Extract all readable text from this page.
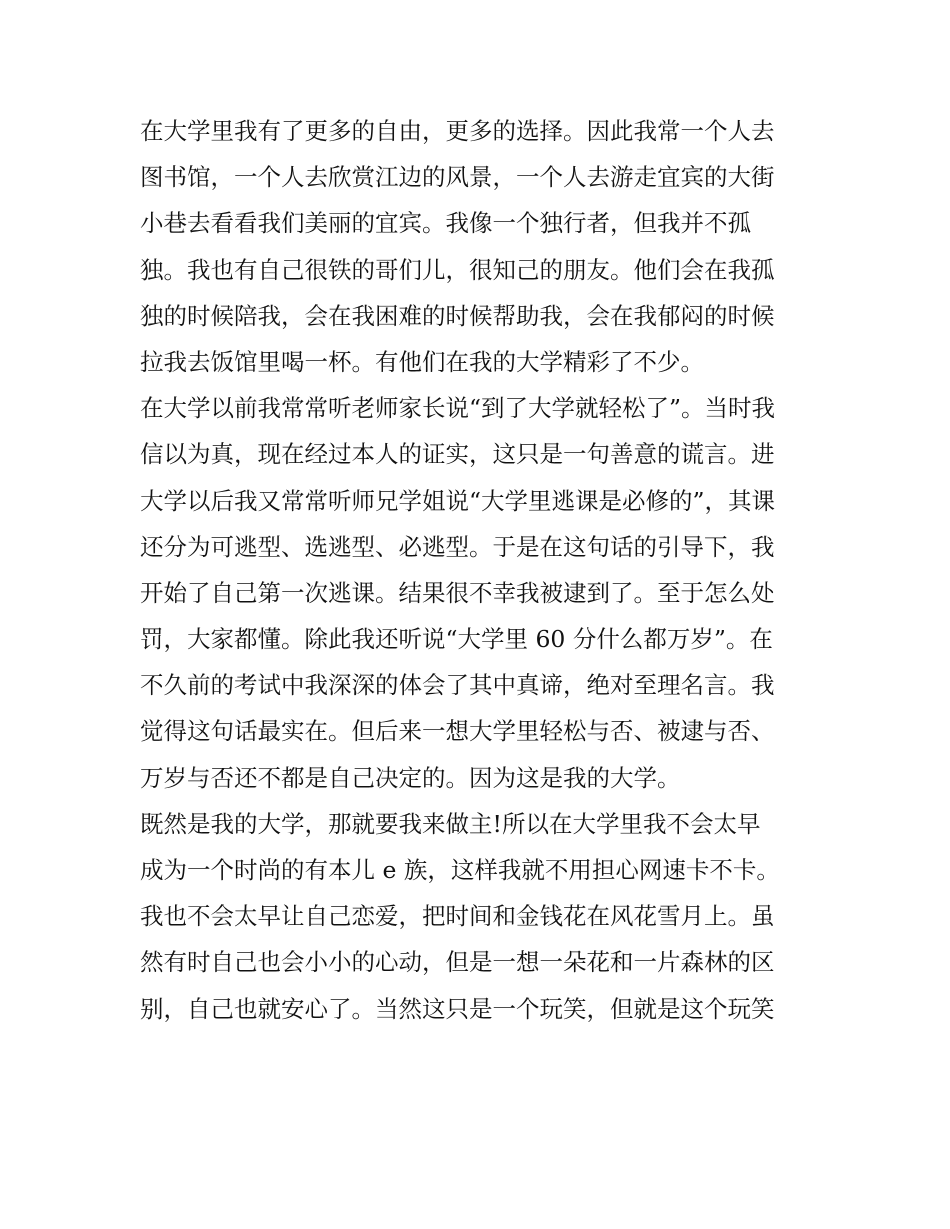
在大学里我有了更多的自由，更多的选择。因此我常一个人去
图书馆，一个人去欣赏江边的风景，一个人去游走宜宾的大街
小巷去看看我们美丽的宜宾。我像一个独行者，但我并不孤
独。我也有自己很铁的哥们儿，很知己的朋友。他们会在我孤
独的时候陪我，会在我困难的时候帮助我，会在我郁闷的时候
拉我去饭馆里喝一杯。有他们在我的大学精彩了不少。
在大学以前我常常听老师家长说“到了大学就轻松了”。当时我
信以为真，现在经过本人的证实，这只是一句善意的谎言。进
大学以后我又常常听师兄学姐说“大学里逃课是必修的”，其课
还分为可逃型、选逃型、必逃型。于是在这句话的引导下，我
开始了自己第一次逃课。结果很不幸我被逮到了。至于怎么处
罚，大家都懂。除此我还听说“大学里 60 分什么都万岁”。在
不久前的考试中我深深的体会了其中真谛，绝对至理名言。我
觉得这句话最实在。但后来一想大学里轻松与否、被逮与否、
万岁与否还不都是自己决定的。因为这是我的大学。
既然是我的大学，那就要我来做主!所以在大学里我不会太早
成为一个时尚的有本儿 e 族，这样我就不用担心网速卡不卡。
我也不会太早让自己恋爱，把时间和金钱花在风花雪月上。虽
然有时自己也会小小的心动，但是一想一朵花和一片森林的区
别，自己也就安心了。当然这只是一个玩笑，但就是这个玩笑
